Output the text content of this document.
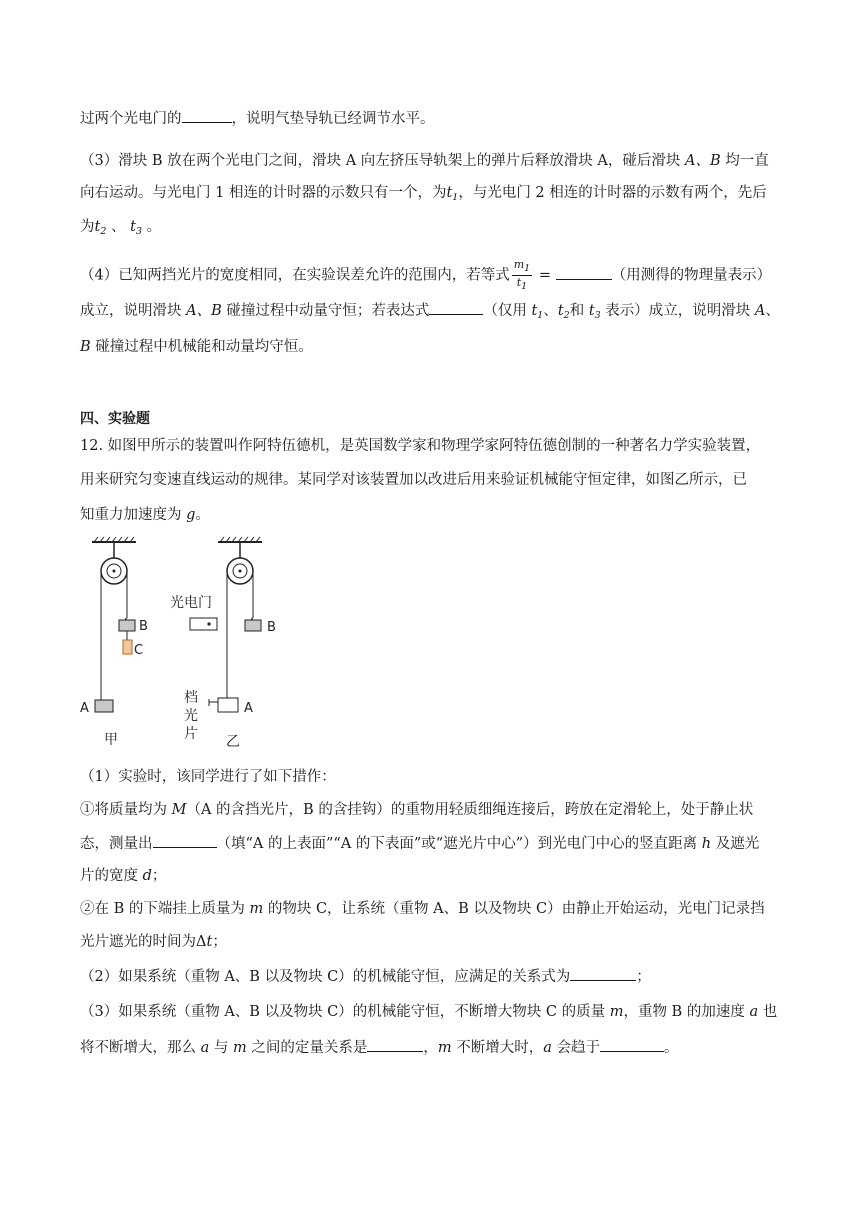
过两个光电门的	，说明气垫导轨已经调节水平。
（3）滑块 B 放在两个光电门之间，滑块 A 向左挤压导轨架上的弹片后释放滑块 A，碰后滑块 A、B 均一直
向右运动。与光电门 1 相连的计时器的示数只有一个，为$t_1$，与光电门 2 相连的计时器的示数有两个，先后
为$t_2$ 、 $t_3$ 。
（4）已知两挡光片的宽度相同，在实验误差允许的范围内，若等式 $\frac{m1}{t1}$ =	（用测得的物理量表示）
成立，说明滑块 A、B 碰撞过程中动量守恒；若表达式	（仅用 $t_1$、$t_2$和 $t_3$ 表示）成立，说明滑块 A、
B 碰撞过程中机械能和动量均守恒。
四、实验题
12. 如图甲所示的装置叫作阿特伍德机，是英国数学家和物理学家阿特伍德创制的一种著名力学实验装置，
用来研究匀变速直线运动的规律。某同学对该装置加以改进后用来验证机械能守恒定律，如图乙所示，已
知重力加速度为 g。
B
C
A
甲
B
光电门
A
档
光
片 乙
（1）实验时，该同学进行了如下措作：
①将质量均为 M（A 的含挡光片，B 的含挂钩）的重物用轻质细绳连接后，跨放在定滑轮上，处于静止状
态，测量出	（填“A 的上表面”“A 的下表面”或“遮光片中心”）到光电门中心的竖直距离 h 及遮光
片的宽度 d；
②在 B 的下端挂上质量为 m 的物块 C，让系统（重物 A、B 以及物块 C）由静止开始运动，光电门记录挡
光片遮光的时间为Δt；
（2）如果系统（重物 A、B 以及物块 C）的机械能守恒，应满足的关系式为	；
（3）如果系统（重物 A、B 以及物块 C）的机械能守恒，不断增大物块 C 的质量 m，重物 B 的加速度 a 也
将不断增大，那么 a 与 m 之间的定量关系是	，m 不断增大时，a 会趋于	。
